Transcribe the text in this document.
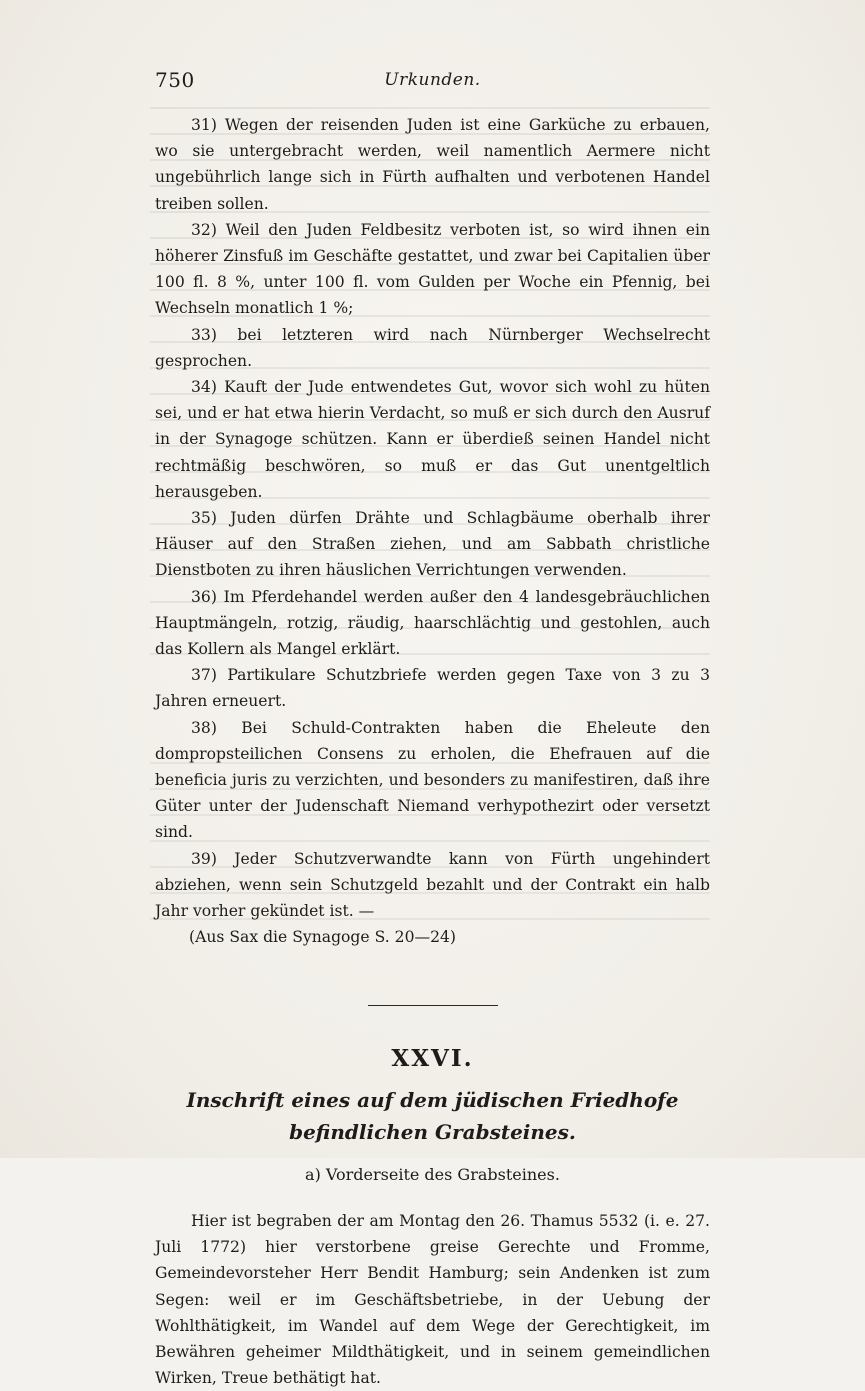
750	Urkunden.

31) Wegen der reisenden Juden ist eine Garküche zu erbauen, wo sie untergebracht werden, weil namentlich Aermere nicht ungebührlich lange sich in Fürth aufhalten und verbotenen Handel treiben sollen.

32) Weil den Juden Feldbesitz verboten ist, so wird ihnen ein höherer Zinsfuß im Geschäfte gestattet, und zwar bei Capitalien über 100 fl. 8 %, unter 100 fl. vom Gulden per Woche ein Pfennig, bei Wechseln monatlich 1 %;

33) bei letzteren wird nach Nürnberger Wechselrecht gesprochen.

34) Kauft der Jude entwendetes Gut, wovor sich wohl zu hüten sei, und er hat etwa hierin Verdacht, so muß er sich durch den Ausruf in der Synagoge schützen. Kann er überdieß seinen Handel nicht rechtmäßig beschwören, so muß er das Gut unentgeltlich herausgeben.

35) Juden dürfen Drähte und Schlagbäume oberhalb ihrer Häuser auf den Straßen ziehen, und am Sabbath christliche Dienstboten zu ihren häuslichen Verrichtungen verwenden.

36) Im Pferdehandel werden außer den 4 landesgebräuchlichen Hauptmängeln, rotzig, räudig, haarschlächtig und gestohlen, auch das Kollern als Mangel erklärt.

37) Partikulare Schutzbriefe werden gegen Taxe von 3 zu 3 Jahren erneuert.

38) Bei Schuld-Contrakten haben die Eheleute den dompropsteilichen Consens zu erholen, die Ehefrauen auf die beneficia juris zu verzichten, und besonders zu manifestiren, daß ihre Güter unter der Judenschaft Niemand verhypothezirt oder versetzt sind.

39) Jeder Schutzverwandte kann von Fürth ungehindert abziehen, wenn sein Schutzgeld bezahlt und der Contrakt ein halb Jahr vorher gekündet ist. —

(Aus Sax die Synagoge S. 20—24)

XXVI.

Inschrift eines auf dem jüdischen Friedhofe befindlichen Grabsteines.

a) Vorderseite des Grabsteines.

Hier ist begraben der am Montag den 26. Thamus 5532 (i. e. 27. Juli 1772) hier verstorbene greise Gerechte und Fromme, Gemeindevorsteher Herr Bendit Hamburg; sein Andenken ist zum Segen: weil er im Geschäftsbetriebe, in der Uebung der Wohlthätigkeit, im Wandel auf dem Wege der Gerechtigkeit, im Bewähren geheimer Mildthätigkeit, und in seinem gemeindlichen Wirken, Treue bethätigt hat.
